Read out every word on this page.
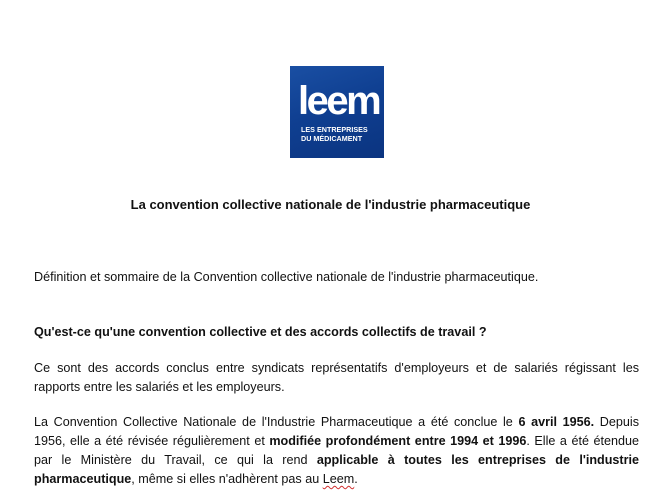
leem
LES ENTREPRISES
DU MÉDICAMENT

La convention collective nationale de l'industrie pharmaceutique

Définition et sommaire de la Convention collective nationale de l'industrie pharmaceutique.

Qu'est-ce qu'une convention collective et des accords collectifs de travail ?

Ce sont des accords conclus entre syndicats représentatifs d'employeurs et de salariés régissant les rapports entre les salariés et les employeurs.

La Convention Collective Nationale de l'Industrie Pharmaceutique a été conclue le 6 avril 1956. Depuis 1956, elle a été révisée régulièrement et modifiée profondément entre 1994 et 1996. Elle a été étendue par le Ministère du Travail, ce qui la rend applicable à toutes les entreprises de l'industrie pharmaceutique, même si elles n'adhèrent pas au Leem.
